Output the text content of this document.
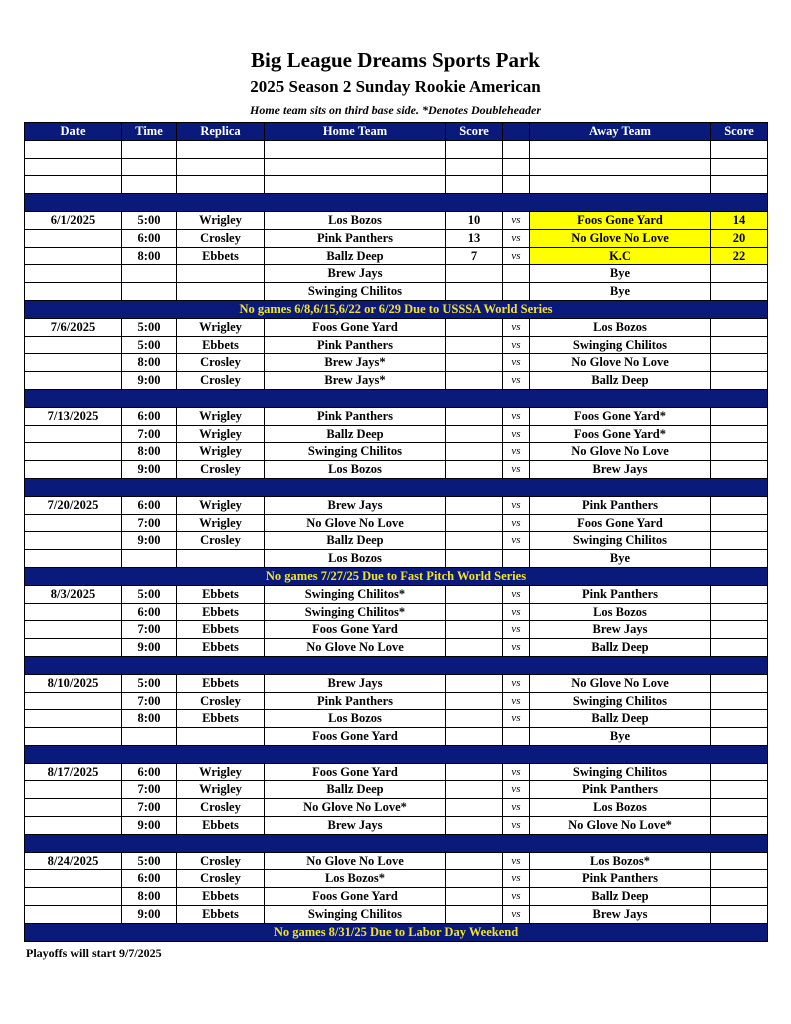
Big League Dreams Sports Park
2025 Season 2 Sunday Rookie American
Home team sits on third base side. *Denotes Doubleheader
Date	Time	Replica	Home Team	Score		Away Team	Score

6/1/2025	5:00	Wrigley	Los Bozos	10	vs	Foos Gone Yard	14
	6:00	Crosley	Pink Panthers	13	vs	No Glove No Love	20
	8:00	Ebbets	Ballz Deep	7	vs	K.C	22
			Brew Jays			Bye	
			Swinging Chilitos			Bye	
No games 6/8,6/15,6/22 or 6/29 Due to USSSA World Series							
7/6/2025	5:00	Wrigley	Foos Gone Yard		vs	Los Bozos	
	5:00	Ebbets	Pink Panthers		vs	Swinging Chilitos	
	8:00	Crosley	Brew Jays*		vs	No Glove No Love	
	9:00	Crosley	Brew Jays*		vs	Ballz Deep	

7/13/2025	6:00	Wrigley	Pink Panthers		vs	Foos Gone Yard*	
	7:00	Wrigley	Ballz Deep		vs	Foos Gone Yard*	
	8:00	Wrigley	Swinging Chilitos		vs	No Glove No Love	
	9:00	Crosley	Los Bozos		vs	Brew Jays	

7/20/2025	6:00	Wrigley	Brew Jays		vs	Pink Panthers	
	7:00	Wrigley	No Glove No Love		vs	Foos Gone Yard	
	9:00	Crosley	Ballz Deep		vs	Swinging Chilitos	
			Los Bozos			Bye	
No games 7/27/25 Due to Fast Pitch World Series							
8/3/2025	5:00	Ebbets	Swinging Chilitos*		vs	Pink Panthers	
	6:00	Ebbets	Swinging Chilitos*		vs	Los Bozos	
	7:00	Ebbets	Foos Gone Yard		vs	Brew Jays	
	9:00	Ebbets	No Glove No Love		vs	Ballz Deep	

8/10/2025	5:00	Ebbets	Brew Jays		vs	No Glove No Love	
	7:00	Crosley	Pink Panthers		vs	Swinging Chilitos	
	8:00	Ebbets	Los Bozos		vs	Ballz Deep	
			Foos Gone Yard			Bye	

8/17/2025	6:00	Wrigley	Foos Gone Yard		vs	Swinging Chilitos	
	7:00	Wrigley	Ballz Deep		vs	Pink Panthers	
	7:00	Crosley	No Glove No Love*		vs	Los Bozos	
	9:00	Ebbets	Brew Jays		vs	No Glove No Love*	

8/24/2025	5:00	Crosley	No Glove No Love		vs	Los Bozos*	
	6:00	Crosley	Los Bozos*		vs	Pink Panthers	
	8:00	Ebbets	Foos Gone Yard		vs	Ballz Deep	
	9:00	Ebbets	Swinging Chilitos		vs	Brew Jays	
No games 8/31/25 Due to Labor Day Weekend							
Playoffs will start 9/7/2025
